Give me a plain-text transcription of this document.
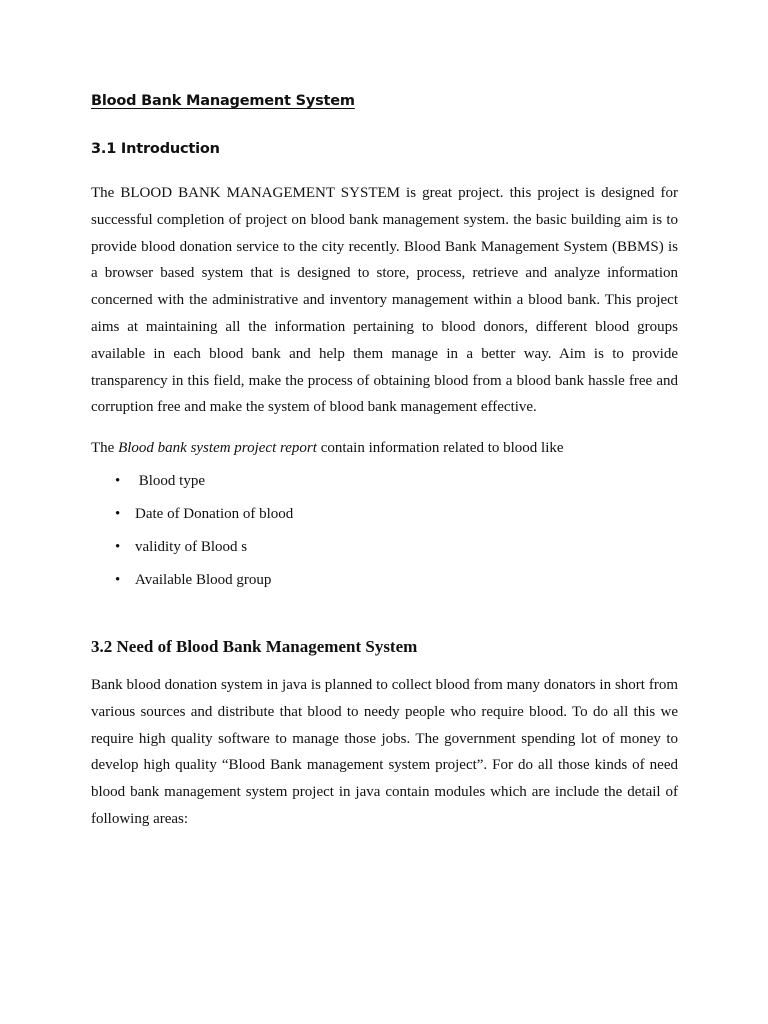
Blood Bank Management System
3.1 Introduction

The BLOOD BANK MANAGEMENT SYSTEM is great project. this project is designed for successful completion of project on blood bank management system. the basic building aim is to provide blood donation service to the city recently. Blood Bank Management System (BBMS) is a browser based system that is designed to store, process, retrieve and analyze information concerned with the administrative and inventory management within a blood bank. This project aims at maintaining all the information pertaining to blood donors, different blood groups available in each blood bank and help them manage in a better way. Aim is to provide transparency in this field, make the process of obtaining blood from a blood bank hassle free and corruption free and make the system of blood bank management effective.

The Blood bank system project report contain information related to blood like

• Blood type
• Date of Donation of blood
• validity of Blood s
• Available Blood group
3.2 Need of Blood Bank Management System

Bank blood donation system in java is planned to collect blood from many donators in short from various sources and distribute that blood to needy people who require blood. To do all this we require high quality software to manage those jobs. The government spending lot of money to develop high quality “Blood Bank management system project”. For do all those kinds of need blood bank management system project in java contain modules which are include the detail of following areas:
